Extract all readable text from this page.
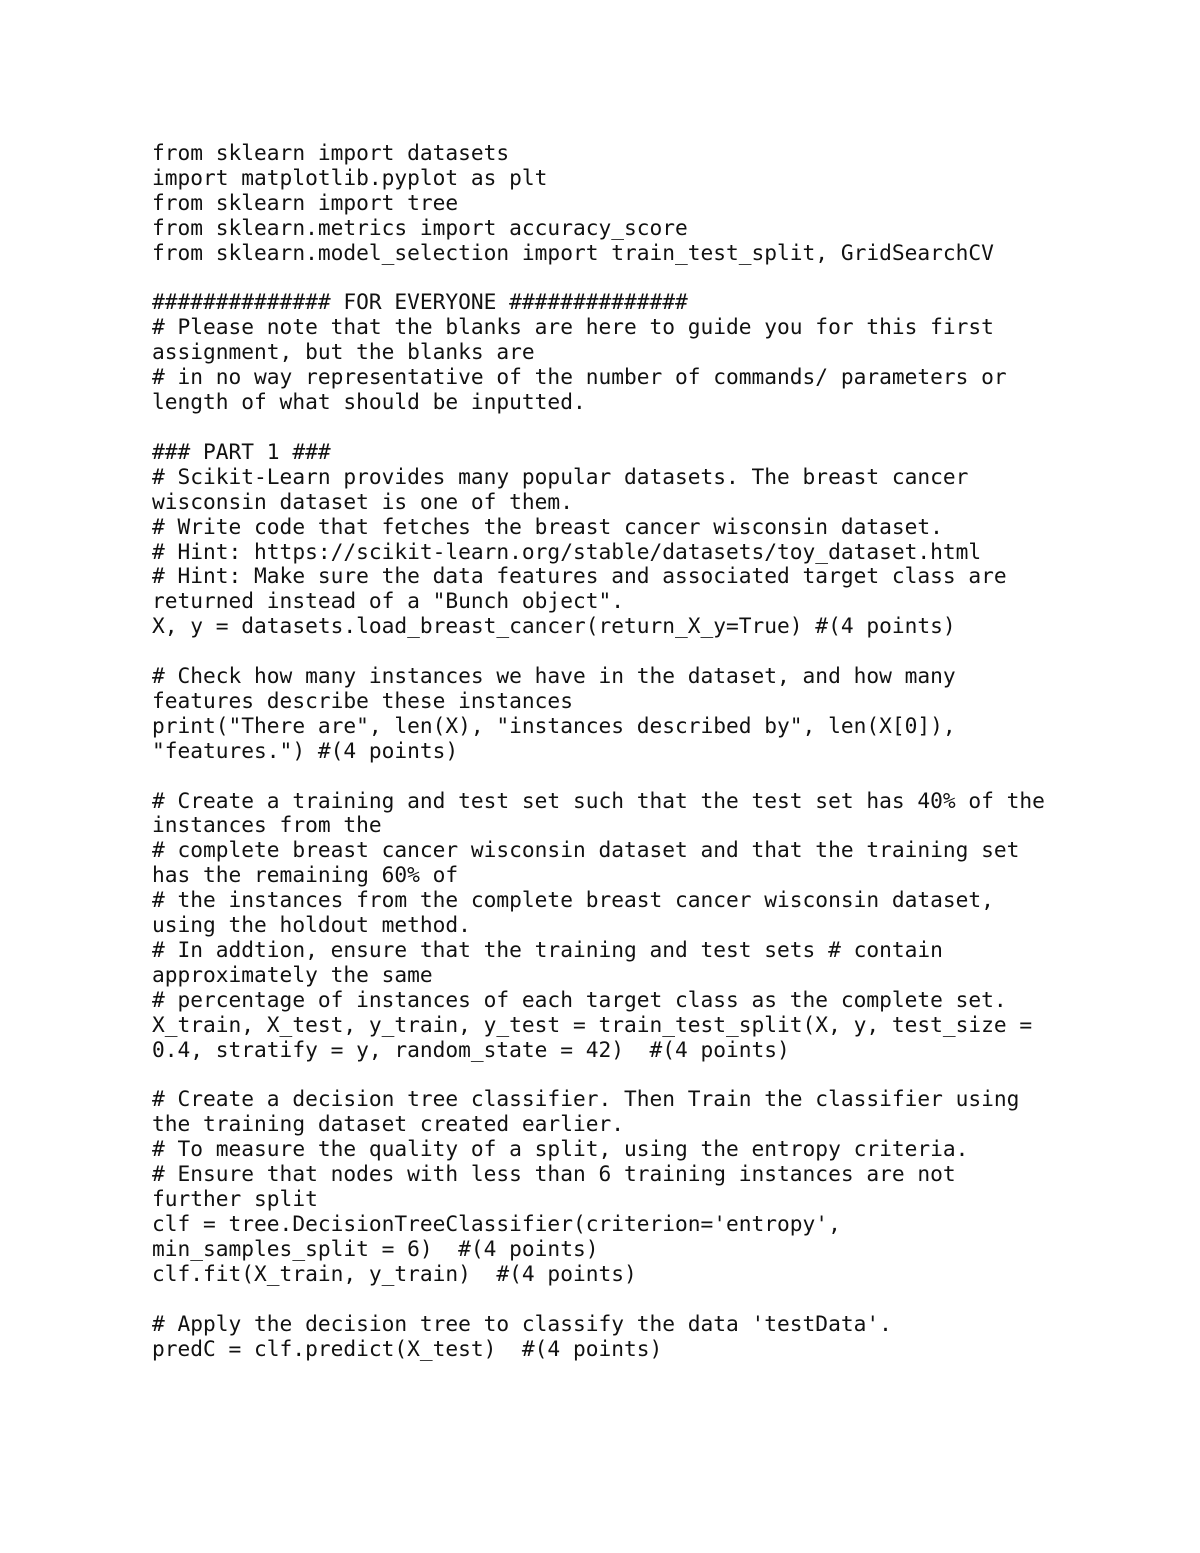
from sklearn import datasets
import matplotlib.pyplot as plt
from sklearn import tree
from sklearn.metrics import accuracy_score
from sklearn.model_selection import train_test_split, GridSearchCV
############## FOR EVERYONE ##############
# Please note that the blanks are here to guide you for this first
assignment, but the blanks are
# in no way representative of the number of commands/ parameters or
length of what should be inputted.
### PART 1 ###
# Scikit-Learn provides many popular datasets. The breast cancer
wisconsin dataset is one of them.
# Write code that fetches the breast cancer wisconsin dataset.
# Hint: https://scikit-learn.org/stable/datasets/toy_dataset.html
# Hint: Make sure the data features and associated target class are
returned instead of a "Bunch object".
X, y = datasets.load_breast_cancer(return_X_y=True) #(4 points)
# Check how many instances we have in the dataset, and how many
features describe these instances
print("There are", len(X), "instances described by", len(X[0]),
"features.") #(4 points)
# Create a training and test set such that the test set has 40% of the
instances from the
# complete breast cancer wisconsin dataset and that the training set
has the remaining 60% of
# the instances from the complete breast cancer wisconsin dataset,
using the holdout method.
# In addtion, ensure that the training and test sets # contain
approximately the same
# percentage of instances of each target class as the complete set.
X_train, X_test, y_train, y_test = train_test_split(X, y, test_size =
0.4, stratify = y, random_state = 42)  #(4 points)
# Create a decision tree classifier. Then Train the classifier using
the training dataset created earlier.
# To measure the quality of a split, using the entropy criteria.
# Ensure that nodes with less than 6 training instances are not
further split
clf = tree.DecisionTreeClassifier(criterion='entropy',
min_samples_split = 6)  #(4 points)
clf.fit(X_train, y_train)  #(4 points)
# Apply the decision tree to classify the data 'testData'.
predC = clf.predict(X_test)  #(4 points)
